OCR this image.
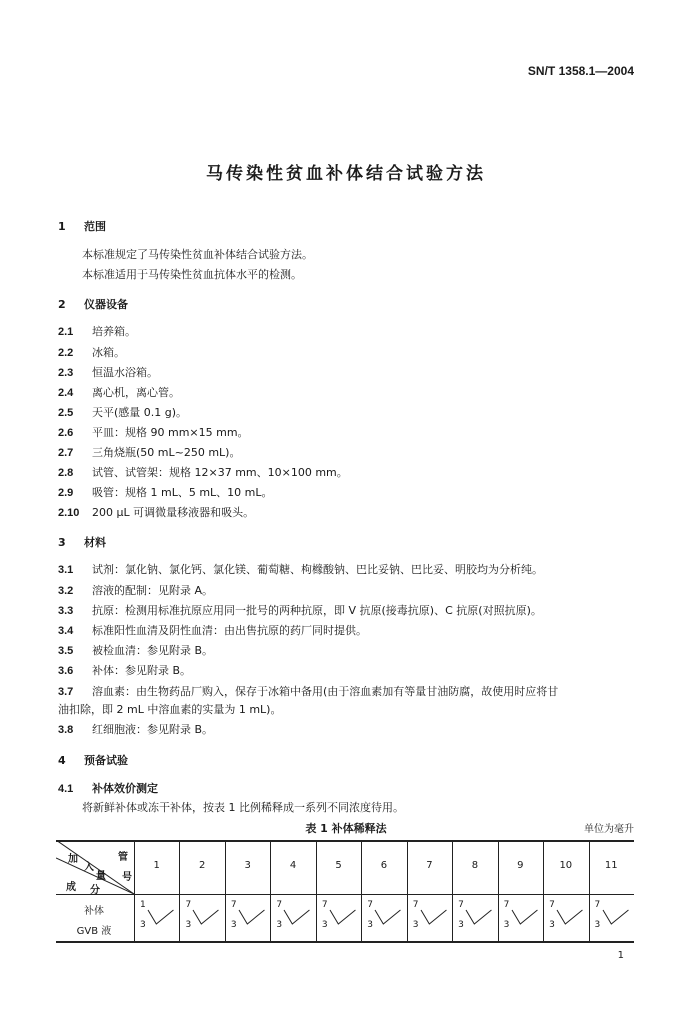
SN/T 1358.1—2004
马传染性贫血补体结合试验方法
1 范围
本标准规定了马传染性贫血补体结合试验方法。
本标准适用于马传染性贫血抗体水平的检测。
2 仪器设备
2.1 培养箱。
2.2 冰箱。
2.3 恒温水浴箱。
2.4 离心机，离心管。
2.5 天平(感量 0.1 g)。
2.6 平皿：规格 90 mm×15 mm。
2.7 三角烧瓶(50 mL~250 mL)。
2.8 试管、试管架：规格 12×37 mm、10×100 mm。
2.9 吸管：规格 1 mL、5 mL、10 mL。
2.10 200 μL 可调微量移液器和吸头。
3 材料
3.1 试剂：氯化钠、氯化钙、氯化镁、葡萄糖、枸橼酸钠、巴比妥钠、巴比妥、明胶均为分析纯。
3.2 溶液的配制：见附录 A。
3.3 抗原：检测用标准抗原应用同一批号的两种抗原，即 V 抗原(接毒抗原)、C 抗原(对照抗原)。
3.4 标准阳性血清及阴性血清：由出售抗原的药厂同时提供。
3.5 被检血清：参见附录 B。
3.6 补体：参见附录 B。
3.7 溶血素：由生物药品厂购入，保存于冰箱中备用(由于溶血素加有等量甘油防腐，故使用时应将甘
油扣除，即 2 mL 中溶血素的实量为 1 mL)。
3.8 红细胞液：参见附录 B。
4 预备试验
4.1 补体效价测定
将新鲜补体或冻干补体，按表 1 比例稀释成一系列不同浓度待用。
表 1 补体稀释法	单位为毫升
加
入
管
量 号
成 分
补体
GVB 液
1
1
3
2
7
3
3
7
3
4
7
3
5
7
3
6
7
3
7
7
3
8
7
3
9
7
3
10
7
3
11
7
3
1
